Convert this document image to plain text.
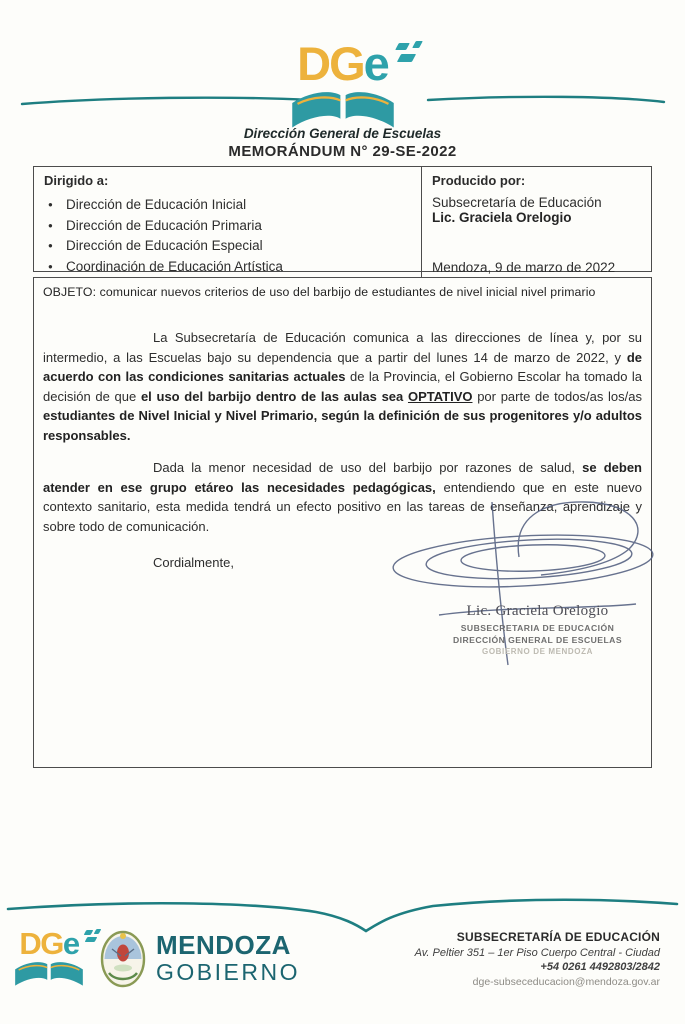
DGe
Dirección General de Escuelas
MEMORÁNDUM N° 29-SE-2022
Dirigido a:
● Dirección de Educación Inicial
● Dirección de Educación Primaria
● Dirección de Educación Especial
● Coordinación de Educación Artística
Producido por:
Subsecretaría de Educación
Lic. Graciela Orelogio
Mendoza, 9 de marzo de 2022
OBJETO: comunicar nuevos criterios de uso del barbijo de estudiantes de nivel inicial nivel primario

La Subsecretaría de Educación comunica a las direcciones de línea y, por su intermedio, a las Escuelas bajo su dependencia que a partir del lunes 14 de marzo de 2022, y de acuerdo con las condiciones sanitarias actuales de la Provincia, el Gobierno Escolar ha tomado la decisión de que el uso del barbijo dentro de las aulas sea OPTATIVO por parte de todos/as los/as estudiantes de Nivel Inicial y Nivel Primario, según la definición de sus progenitores y/o adultos responsables.

Dada la menor necesidad de uso del barbijo por razones de salud, se deben atender en ese grupo etáreo las necesidades pedagógicas, entendiendo que en este nuevo contexto sanitario, esta medida tendrá un efecto positivo en las tareas de enseñanza, aprendizaje y sobre todo de comunicación.

Cordialmente,

Lic. Graciela Orelogio
SUBSECRETARIA DE EDUCACIÓN
DIRECCIÓN GENERAL DE ESCUELAS
GOBIERNO DE MENDOZA
DGe	MENDOZA
GOBIERNO
SUBSECRETARÍA DE EDUCACIÓN
Av. Peltier 351 – 1er Piso Cuerpo Central - Ciudad
+54 0261 4492803/2842
dge-subseceducacion@mendoza.gov.ar
